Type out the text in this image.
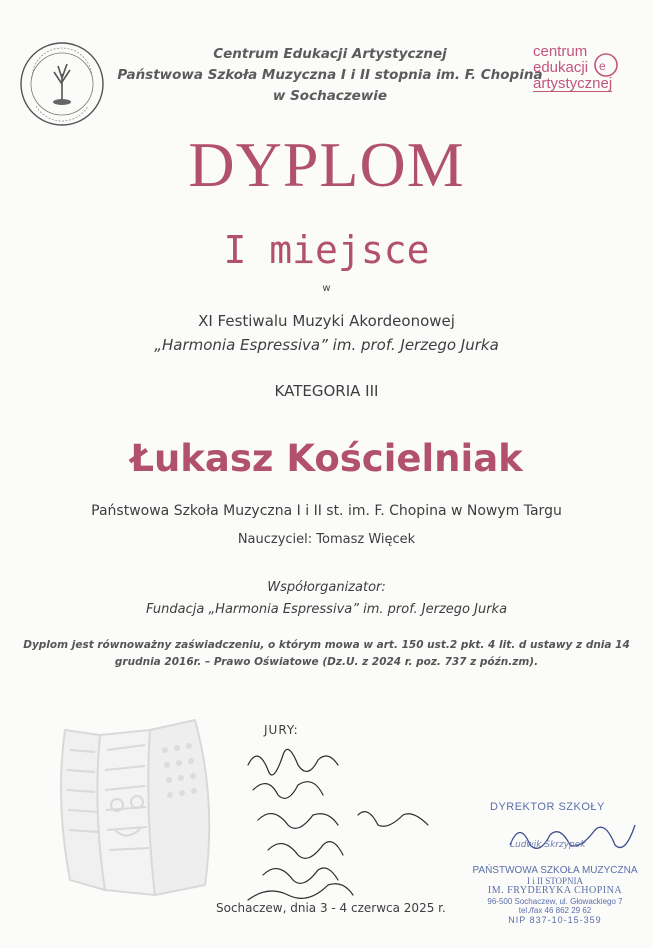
Centrum Edukacji Artystycznej
Państwowa Szkoła Muzyczna I i II stopnia im. F. Chopina
w Sochaczewie
centrum
edukacji
artystycznej
e
DYPLOM
I miejsce
w
XI Festiwalu Muzyki Akordeonowej
„Harmonia Espressiva” im. prof. Jerzego Jurka
KATEGORIA III
Łukasz Kościelniak
Państwowa Szkoła Muzyczna I i II st. im. F. Chopina w Nowym Targu
Nauczyciel: Tomasz Więcek
Współorganizator:
Fundacja „Harmonia Espressiva” im. prof. Jerzego Jurka
Dyplom jest równoważny zaświadczeniu, o którym mowa w art. 150 ust.2 pkt. 4 lit. d ustawy z dnia 14
grudnia 2016r. – Prawo Oświatowe (Dz.U. z 2024 r. poz. 737 z późn.zm).
JURY:
Sochaczew, dnia 3 - 4 czerwca 2025 r.
DYREKTOR SZKOŁY
Ludwik Skrzypek
PAŃSTWOWA SZKOŁA MUZYCZNA
I i II STOPNIA
IM. FRYDERYKA CHOPINA
96-500 Sochaczew, ul. Głowackiego 7
tel./fax 46 862 29 62
NIP 837-10-15-359
